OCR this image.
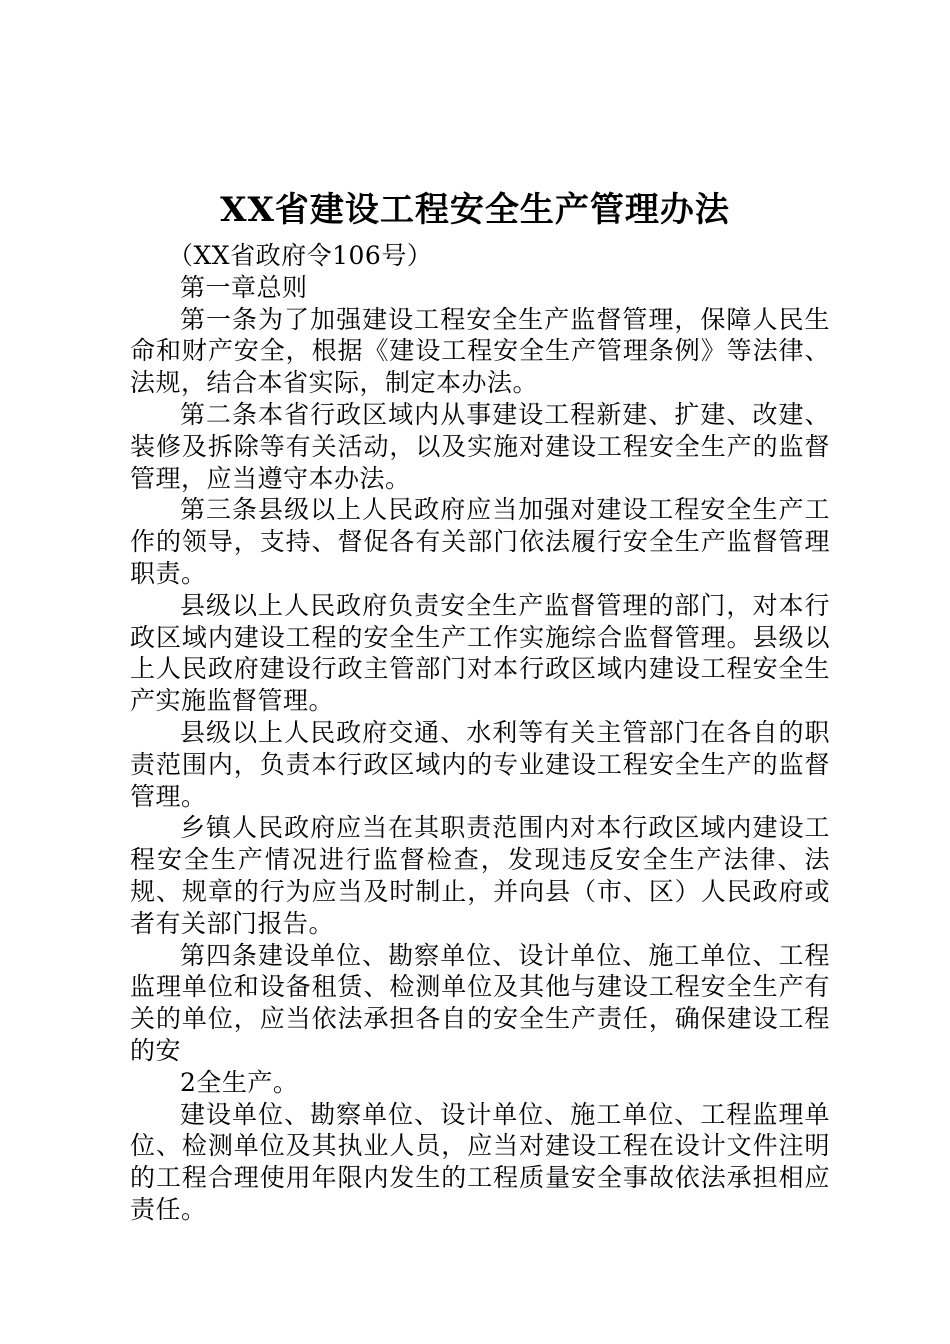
XX省建设工程安全生产管理办法

（XX省政府令106号）

第一章总则

第一条为了加强建设工程安全生产监督管理，保障人民生命和财产安全，根据《建设工程安全生产管理条例》等法律、法规，结合本省实际，制定本办法。

第二条本省行政区域内从事建设工程新建、扩建、改建、装修及拆除等有关活动，以及实施对建设工程安全生产的监督管理，应当遵守本办法。

第三条县级以上人民政府应当加强对建设工程安全生产工作的领导，支持、督促各有关部门依法履行安全生产监督管理职责。

县级以上人民政府负责安全生产监督管理的部门，对本行政区域内建设工程的安全生产工作实施综合监督管理。县级以上人民政府建设行政主管部门对本行政区域内建设工程安全生产实施监督管理。

县级以上人民政府交通、水利等有关主管部门在各自的职责范围内，负责本行政区域内的专业建设工程安全生产的监督管理。

乡镇人民政府应当在其职责范围内对本行政区域内建设工程安全生产情况进行监督检查，发现违反安全生产法律、法规、规章的行为应当及时制止，并向县（市、区）人民政府或者有关部门报告。

第四条建设单位、勘察单位、设计单位、施工单位、工程监理单位和设备租赁、检测单位及其他与建设工程安全生产有关的单位，应当依法承担各自的安全生产责任，确保建设工程的安

2全生产。

建设单位、勘察单位、设计单位、施工单位、工程监理单位、检测单位及其执业人员，应当对建设工程在设计文件注明的工程合理使用年限内发生的工程质量安全事故依法承担相应责任。
